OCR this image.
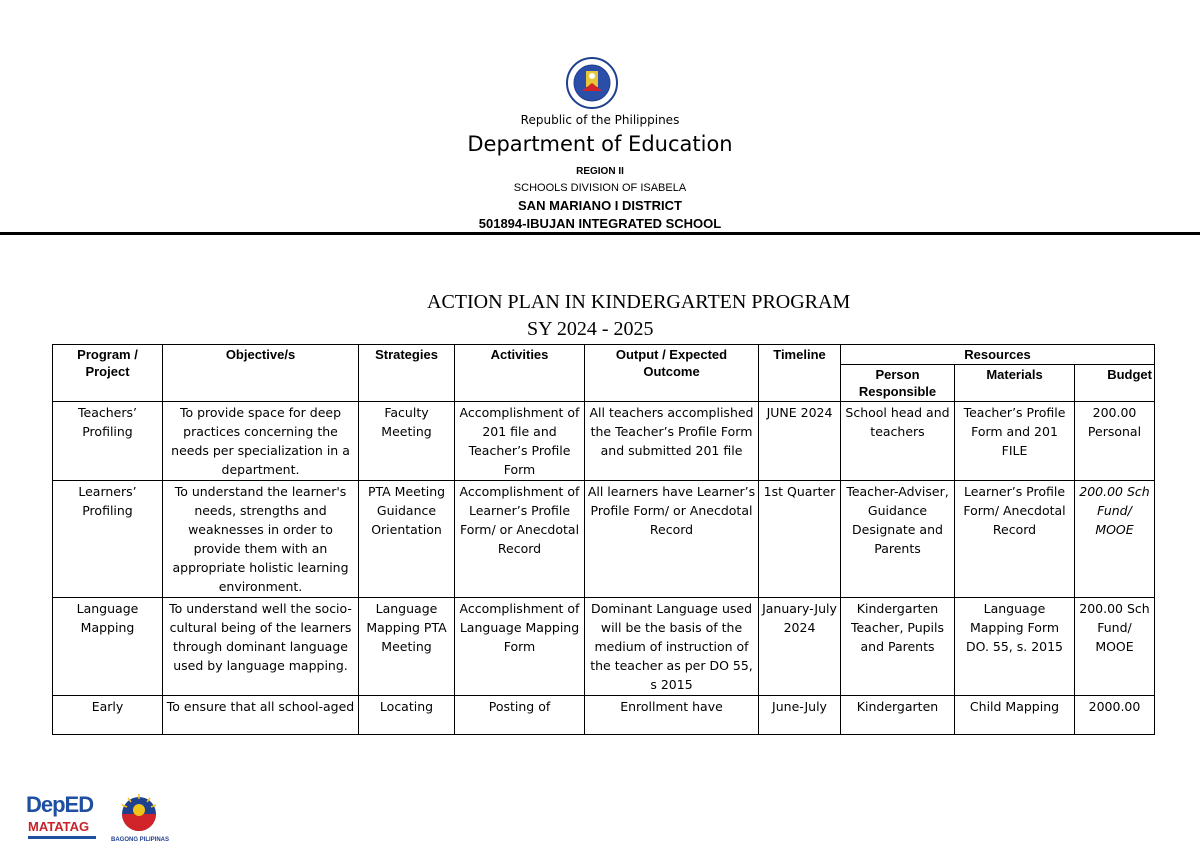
Republic of the Philippines
Department of Education
REGION II
SCHOOLS DIVISION OF ISABELA
SAN MARIANO I DISTRICT
501894-IBUJAN INTEGRATED SCHOOL
ACTION PLAN IN KINDERGARTEN PROGRAM
SY 2024 - 2025
Program / Project	Objective/s	Strategies	Activities	Output / Expected Outcome	Timeline	Resources		
						Person Responsible	Materials	Budget
Teachers’ Profiling	To provide space for deep practices concerning the needs per specialization in a department.	Faculty Meeting	Accomplishment of 201 file and Teacher’s Profile Form	All teachers accomplished the Teacher’s Profile Form and submitted 201 file	JUNE 2024	School head and teachers	Teacher’s Profile Form and 201 FILE	200.00 Personal
Learners’ Profiling	To understand the learner's needs, strengths and weaknesses in order to provide them with an appropriate holistic learning environment.	PTA Meeting Guidance Orientation	Accomplishment of Learner’s Profile Form/ or Anecdotal Record	All learners have Learner’s Profile Form/ or Anecdotal Record	1st Quarter	Teacher-Adviser, Guidance Designate and Parents	Learner’s Profile Form/ Anecdotal Record	200.00 Sch Fund/ MOOE
Language Mapping	To understand well the socio-cultural being of the learners through dominant language used by language mapping.	Language Mapping PTA Meeting	Accomplishment of Language Mapping Form	Dominant Language used will be the basis of the medium of instruction of the teacher as per DO 55, s 2015	January-July 2024	Kindergarten Teacher, Pupils and Parents	Language Mapping Form DO. 55, s. 2015	200.00 Sch Fund/ MOOE
Early	To ensure that all school-aged	Locating	Posting of	Enrollment have	June-July	Kindergarten	Child Mapping	2000.00
DepED
MATATAG
BAGONG PILIPINAS
